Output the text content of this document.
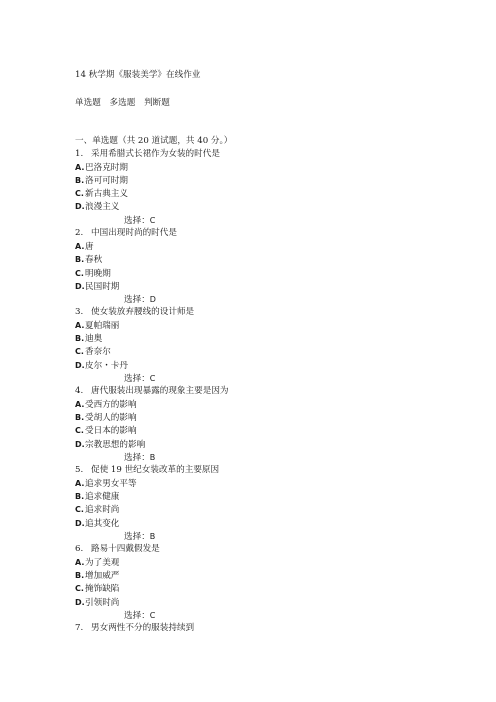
14 秋学期《服装美学》在线作业
单选题 多选题 判断题
一、单选题（共 20 道试题，共 40 分。）
1. 采用希腊式长裙作为女装的时代是
A.巴洛克时期
B.洛可可时期
C.新古典主义
D.浪漫主义
选择：C
2. 中国出现时尚的时代是
A.唐
B.春秋
C.明晚期
D.民国时期
选择：D
3. 使女装放弃腰线的设计师是
A.夏帕瑞丽
B.迪奥
C.香奈尔
D.皮尔・卡丹
选择：C
4. 唐代服装出现暴露的现象主要是因为
A.受西方的影响
B.受胡人的影响
C.受日本的影响
D.宗教思想的影响
选择：B
5. 促使 19 世纪女装改革的主要原因
A.追求男女平等
B.追求健康
C.追求时尚
D.追其变化
选择：B
6. 路易十四戴假发是
A.为了美观
B.增加威严
C.掩饰缺陷
D.引领时尚
选择：C
7. 男女两性不分的服装持续到
